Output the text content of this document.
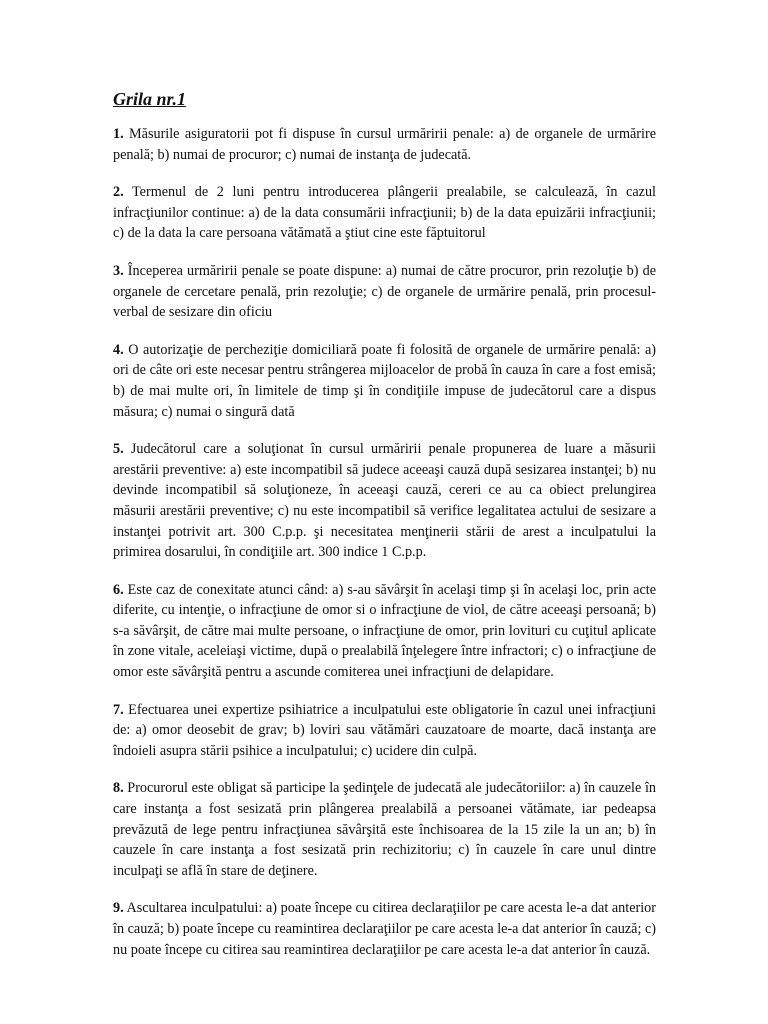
Grila nr.1
1. Măsurile asiguratorii pot fi dispuse în cursul urmăririi penale: a) de organele de urmărire penală; b) numai de procuror; c) numai de instanţa de judecată.
2. Termenul de 2 luni pentru introducerea plângerii prealabile, se calculează, în cazul infracţiunilor continue: a) de la data consumării infracţiunii; b) de la data epuizării infracţiunii; c) de la data la care persoana vătămată a ştiut cine este făptuitorul
3. Începerea urmăririi penale se poate dispune: a) numai de către procuror, prin rezoluţie b) de organele de cercetare penală, prin rezoluţie; c) de organele de urmărire penală, prin procesul-verbal de sesizare din oficiu
4. O autorizaţie de percheziţie domiciliară poate fi folosită de organele de urmărire penală: a) ori de câte ori este necesar pentru strângerea mijloacelor de probă în cauza în care a fost emisă; b) de mai multe ori, în limitele de timp şi în condiţiile impuse de judecătorul care a dispus măsura; c) numai o singură dată
5. Judecătorul care a soluţionat în cursul urmăririi penale propunerea de luare a măsurii arestării preventive: a) este incompatibil să judece aceeaşi cauză după sesizarea instanţei; b) nu devinde incompatibil să soluţioneze, în aceeaşi cauză, cereri ce au ca obiect prelungirea măsurii arestării preventive; c) nu este incompatibil să verifice legalitatea actului de sesizare a instanţei potrivit art. 300 C.p.p. şi necesitatea menţinerii stării de arest a inculpatului la primirea dosarului, în condiţiile art. 300 indice 1 C.p.p.
6. Este caz de conexitate atunci când: a) s-au săvârşit în acelaşi timp şi în acelaşi loc, prin acte diferite, cu intenţie, o infracţiune de omor si o infracţiune de viol, de către aceeaşi persoană; b) s-a săvârşit, de către mai multe persoane, o infracţiune de omor, prin lovituri cu cuţitul aplicate în zone vitale, aceleiaşi victime, după o prealabilă înţelegere între infractori; c) o infracţiune de omor este săvârşită pentru a ascunde comiterea unei infracţiuni de delapidare.
7. Efectuarea unei expertize psihiatrice a inculpatului este obligatorie în cazul unei infracţiuni de: a) omor deosebit de grav; b) loviri sau vătămări cauzatoare de moarte, dacă instanţa are îndoieli asupra stării psihice a inculpatului; c) ucidere din culpă.
8. Procurorul este obligat să participe la şedinţele de judecată ale judecătoriilor: a) în cauzele în care instanţa a fost sesizată prin plângerea prealabilă a persoanei vătămate, iar pedeapsa prevăzută de lege pentru infracţiunea săvârşită este închisoarea de la 15 zile la un an; b) în cauzele în care instanţa a fost sesizată prin rechizitoriu; c) în cauzele în care unul dintre inculpaţi se află în stare de deţinere.
9. Ascultarea inculpatului: a) poate începe cu citirea declaraţiilor pe care acesta le-a dat anterior în cauză; b) poate începe cu reamintirea declaraţiilor pe care acesta le-a dat anterior în cauză; c) nu poate începe cu citirea sau reamintirea declaraţiilor pe care acesta le-a dat anterior în cauză.
